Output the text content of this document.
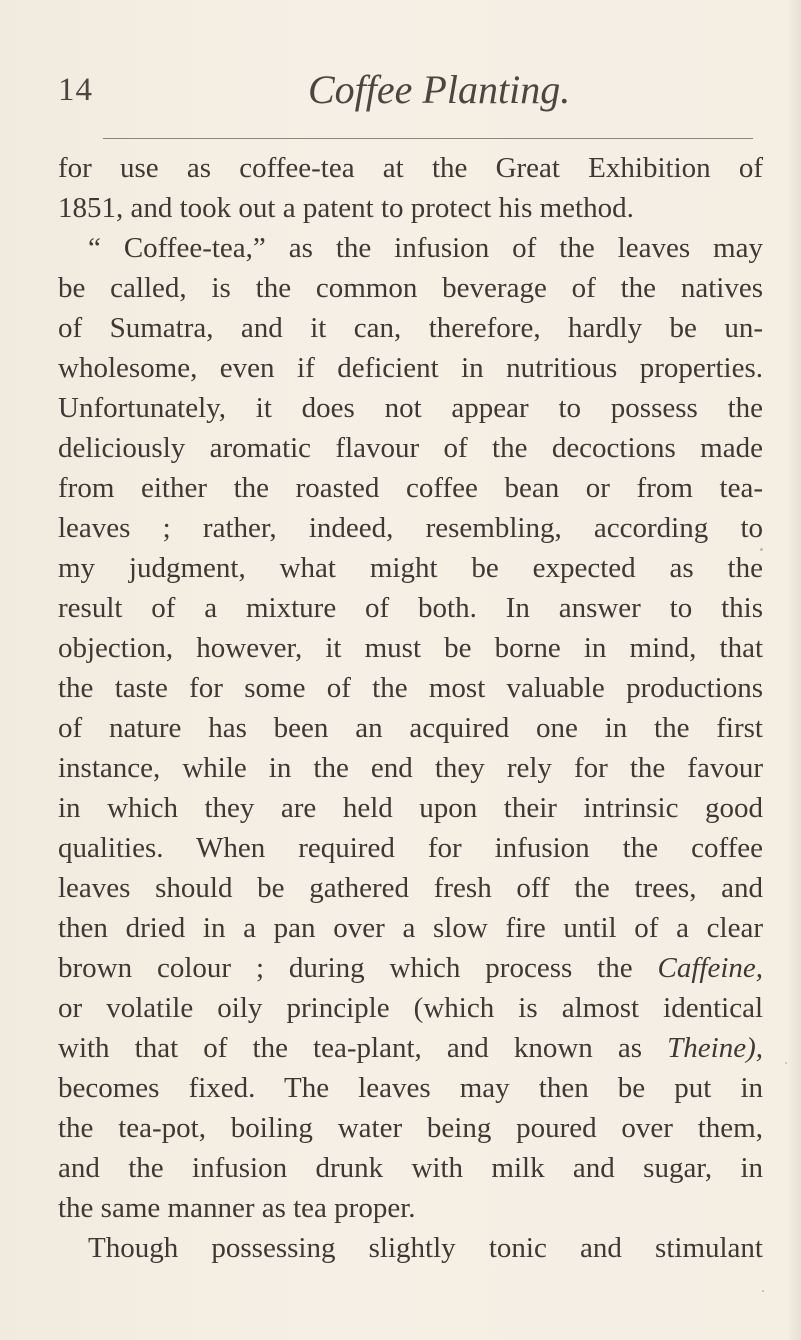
14	Coffee Planting.
for use as coffee-tea at the Great Exhibition of
1851, and took out a patent to protect his method.
“ Coffee-tea,” as the infusion of the leaves may
be called, is the common beverage of the natives
of Sumatra, and it can, therefore, hardly be un-
wholesome, even if deficient in nutritious properties.
Unfortunately, it does not appear to possess the
deliciously aromatic flavour of the decoctions made
from either the roasted coffee bean or from tea-
leaves ; rather, indeed, resembling, according to
my judgment, what might be expected as the
result of a mixture of both. In answer to this
objection, however, it must be borne in mind, that
the taste for some of the most valuable productions
of nature has been an acquired one in the first
instance, while in the end they rely for the favour
in which they are held upon their intrinsic good
qualities. When required for infusion the coffee
leaves should be gathered fresh off the trees, and
then dried in a pan over a slow fire until of a clear
brown colour ; during which process the Caffeine,
or volatile oily principle (which is almost identical
with that of the tea-plant, and known as Theine),
becomes fixed. The leaves may then be put in
the tea-pot, boiling water being poured over them,
and the infusion drunk with milk and sugar, in
the same manner as tea proper.
Though possessing slightly tonic and stimulant
